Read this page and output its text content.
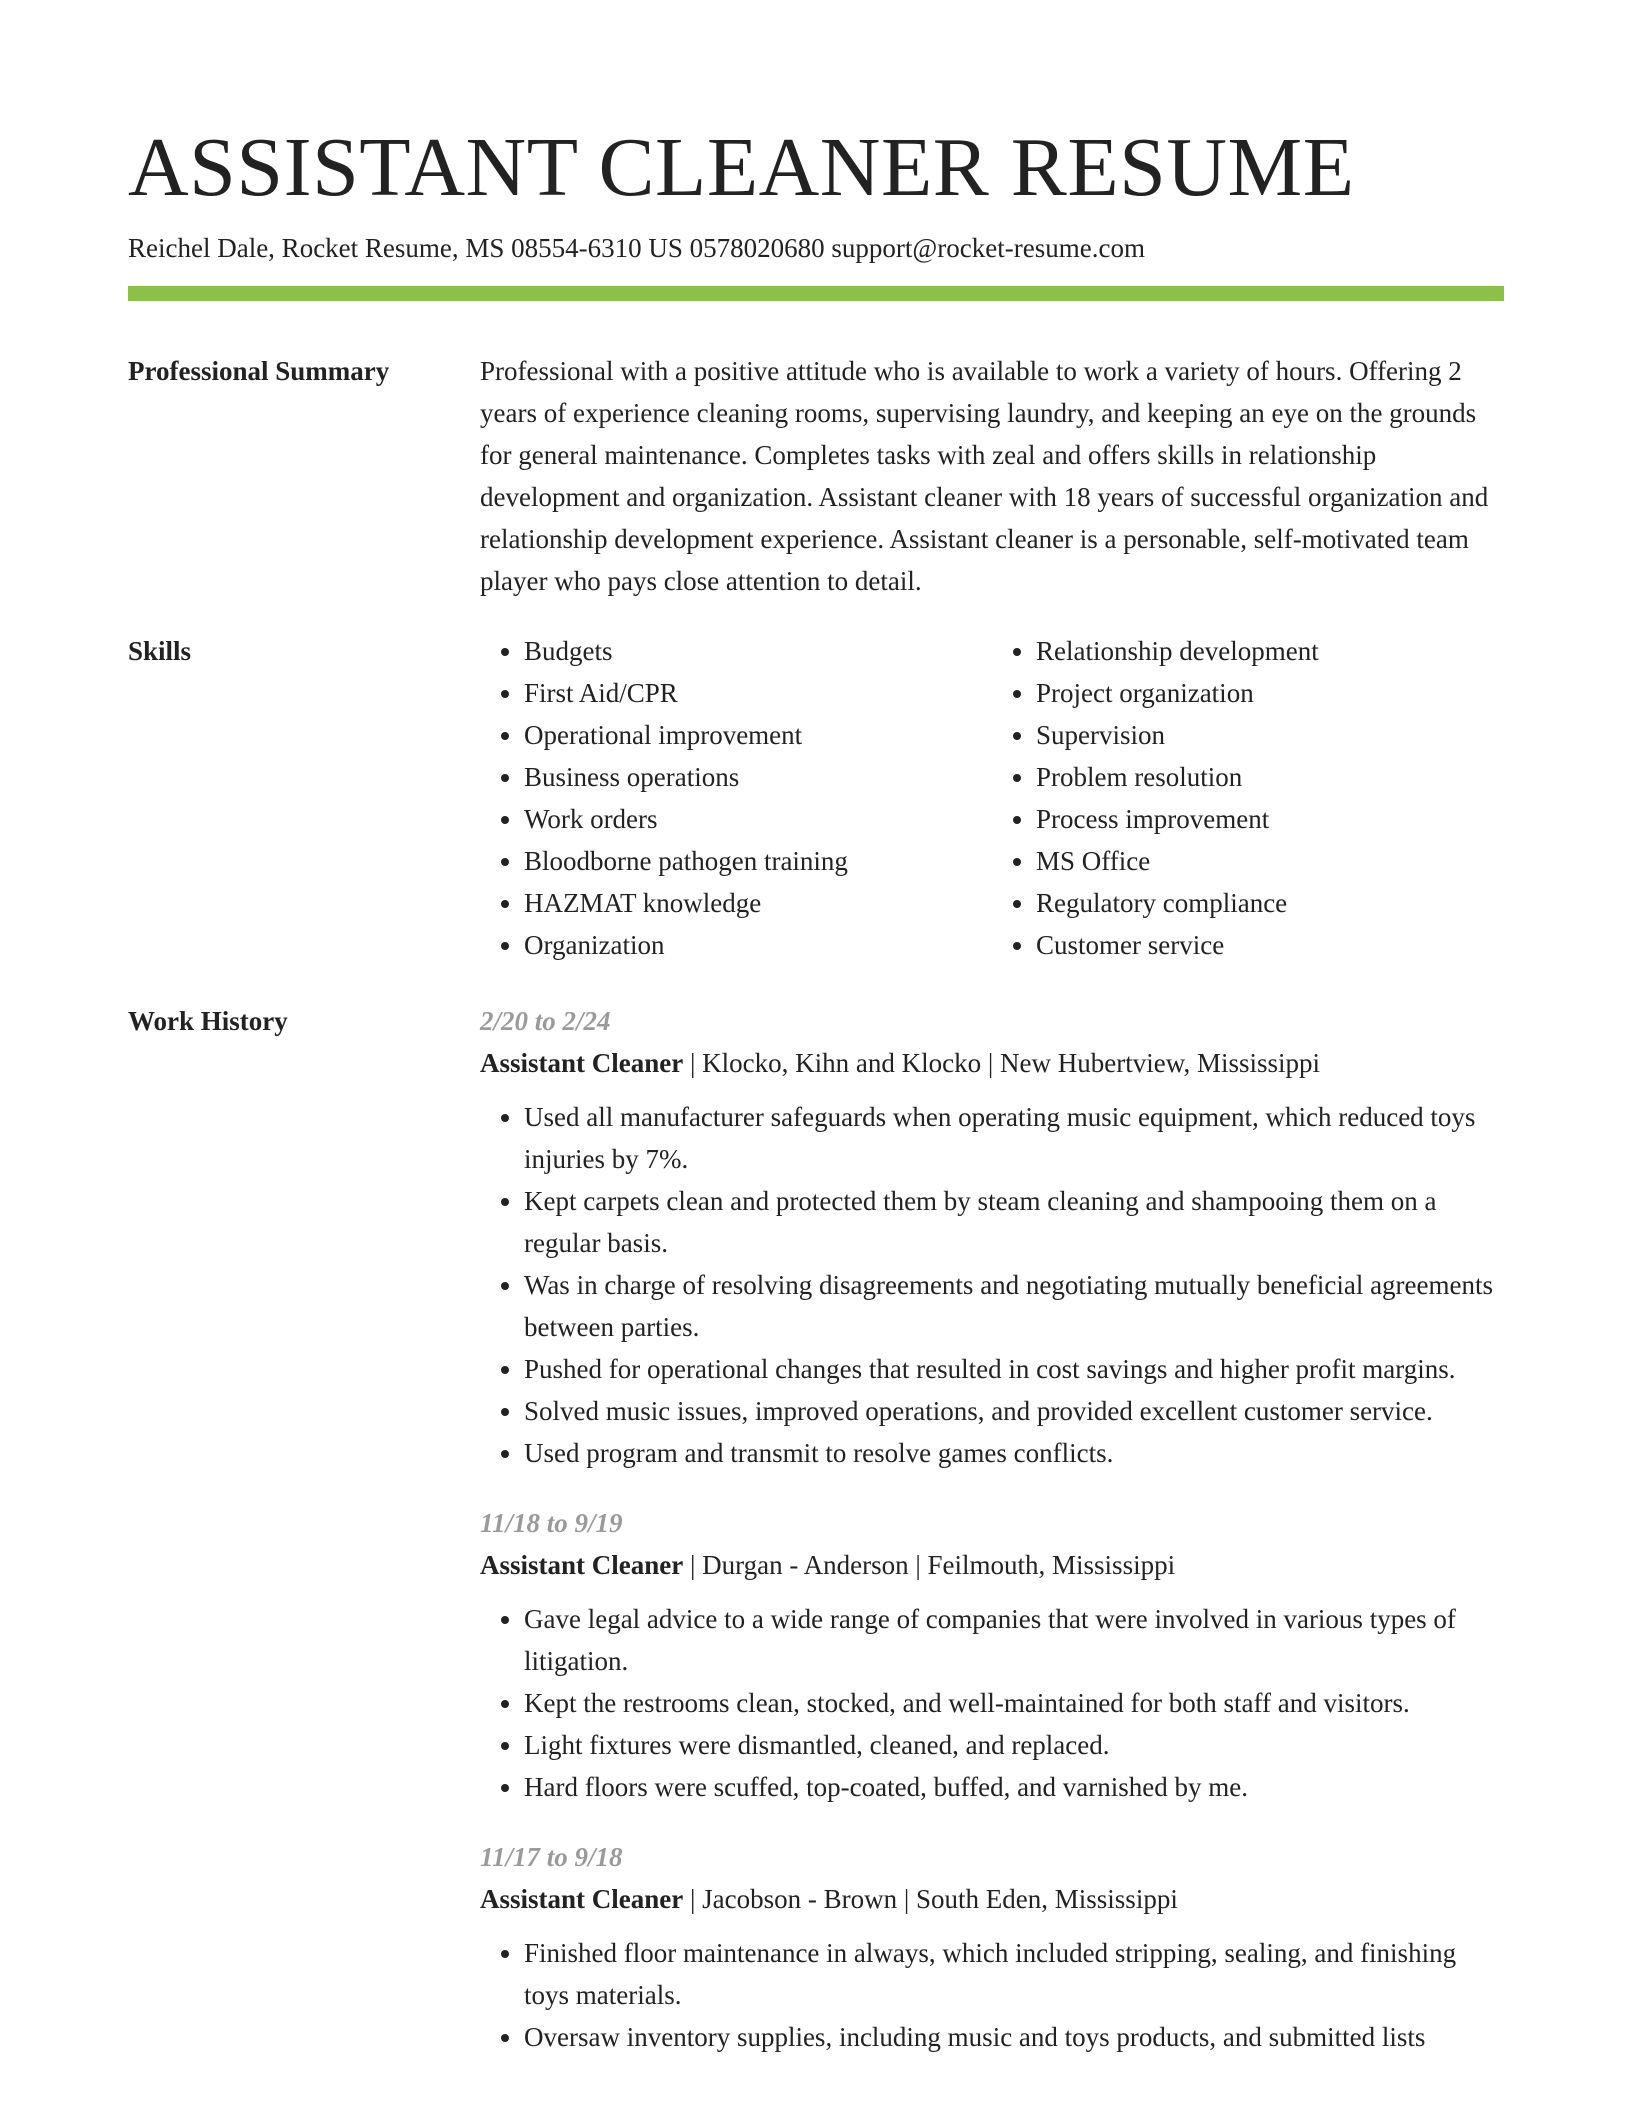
ASSISTANT CLEANER RESUME
Reichel Dale, Rocket Resume, MS 08554-6310 US 0578020680 support@rocket-resume.com
Professional Summary	Professional with a positive attitude who is available to work a variety of hours. Offering 2 years of experience cleaning rooms, supervising laundry, and keeping an eye on the grounds for general maintenance. Completes tasks with zeal and offers skills in relationship development and organization. Assistant cleaner with 18 years of successful organization and relationship development experience. Assistant cleaner is a personable, self-motivated team player who pays close attention to detail.

Skills
•	Budgets
• First Aid/CPR
• Operational improvement
• Business operations
• Work orders
• Bloodborne pathogen training
• HAZMAT knowledge
• Organization
• Relationship development
• Project organization
• Supervision
• Problem resolution
• Process improvement
• MS Office
• Regulatory compliance
• Customer service
Work History	2/20 to 2/24
Assistant Cleaner | Klocko, Kihn and Klocko | New Hubertview, Mississippi
• Used all manufacturer safeguards when operating music equipment, which reduced toys injuries by 7%.
• Kept carpets clean and protected them by steam cleaning and shampooing them on a regular basis.
• Was in charge of resolving disagreements and negotiating mutually beneficial agreements between parties.
• Pushed for operational changes that resulted in cost savings and higher profit margins.
• Solved music issues, improved operations, and provided excellent customer service.
• Used program and transmit to resolve games conflicts.
11/18 to 9/19
Assistant Cleaner | Durgan - Anderson | Feilmouth, Mississippi
• Gave legal advice to a wide range of companies that were involved in various types of litigation.
• Kept the restrooms clean, stocked, and well-maintained for both staff and visitors.
• Light fixtures were dismantled, cleaned, and replaced.
• Hard floors were scuffed, top-coated, buffed, and varnished by me.
11/17 to 9/18
Assistant Cleaner | Jacobson - Brown | South Eden, Mississippi
• Finished floor maintenance in always, which included stripping, sealing, and finishing toys materials.
• Oversaw inventory supplies, including music and toys products, and submitted lists
